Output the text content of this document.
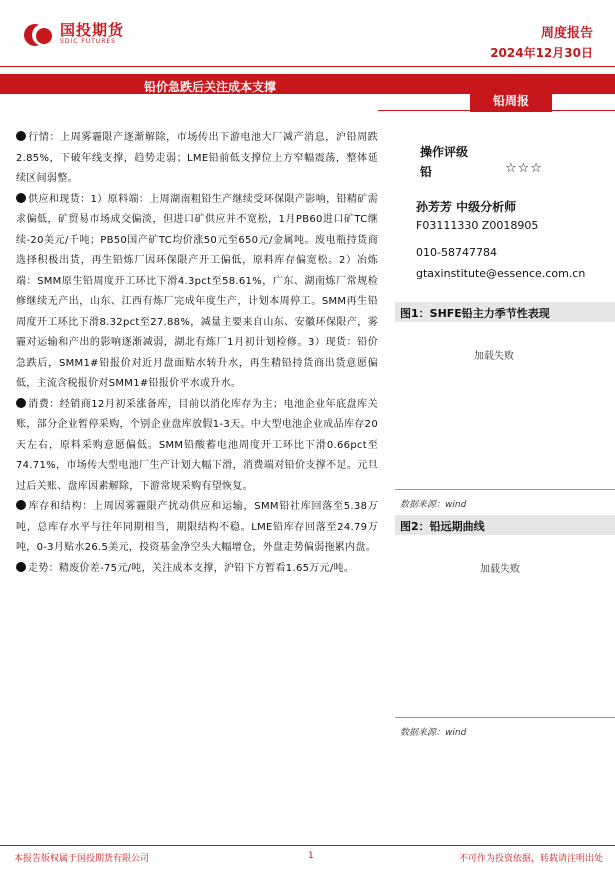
国投期货
SDIC FUTURES
周度报告
2024年12月30日
铅价急跌后关注成本支撑
铅周报

行情：上周雾霾限产逐渐解除，市场传出下游电池大厂减产消息，沪铅周跌2.85%，下破年线支撑，趋势走弱；LME铅前低支撑位上方窄幅震荡，整体延续区间弱整。

供应和现货：1）原料端：上周湖南粗铅生产继续受环保限产影响，铅精矿需求偏低，矿贸易市场成交偏淡，但进口矿供应并不宽松，1月PB60进口矿TC继续-20美元/千吨；PB50国产矿TC均价涨50元至650元/金属吨。废电瓶持货商选择积极出货，再生铅炼厂因环保限产开工偏低，原料库存偏宽松。2）冶炼端：SMM原生铅周度开工环比下滑4.3pct至58.61%，广东、湖南炼厂常规检修继续无产出，山东、江西有炼厂完成年度生产，计划本周停工。SMM再生铅周度开工环比下滑8.32pct至27.88%，减量主要来自山东、安徽环保限产，雾霾对运输和产出的影响逐渐减弱，湖北有炼厂1月初计划检修。3）现货：铅价急跌后，SMM1#铅报价对近月盘面贴水转升水，再生精铅持货商出货意愿偏低，主流含税报价对SMM1#铅报价平水或升水。

消费：经销商12月初采涨备库，目前以消化库存为主；电池企业年底盘库关账，部分企业暂停采购，个别企业盘库放假1-3天。中大型电池企业成品库存20天左右，原料采购意愿偏低。SMM铅酸蓄电池周度开工环比下滑0.66pct至74.71%，市场传大型电池厂生产计划大幅下滑，消费端对铅价支撑不足。元旦过后关账、盘库因素解除，下游常规采购有望恢复。

库存和结构：上周因雾霾限产扰动供应和运输，SMM铅社库回落至5.38万吨，总库存水平与往年同期相当，期限结构不稳。LME铅库存回落至24.79万吨，0-3月贴水26.5美元，投资基金净空头大幅增仓，外盘走势偏弱拖累内盘。

走势：精废价差-75元/吨，关注成本支撑，沪铅下方暂看1.65万元/吨。

操作评级
铅	☆☆☆
孙芳芳 中级分析师
F03111330 Z0018905
010-58747784
gtaxinstitute@essence.com.cn
图1：SHFE铅主力季节性表现
加载失败
数据来源：wind
图2：铅远期曲线
加载失败
数据来源：wind
本报告版权属于国投期货有限公司	1	不可作为投资依据，转载请注明出处
